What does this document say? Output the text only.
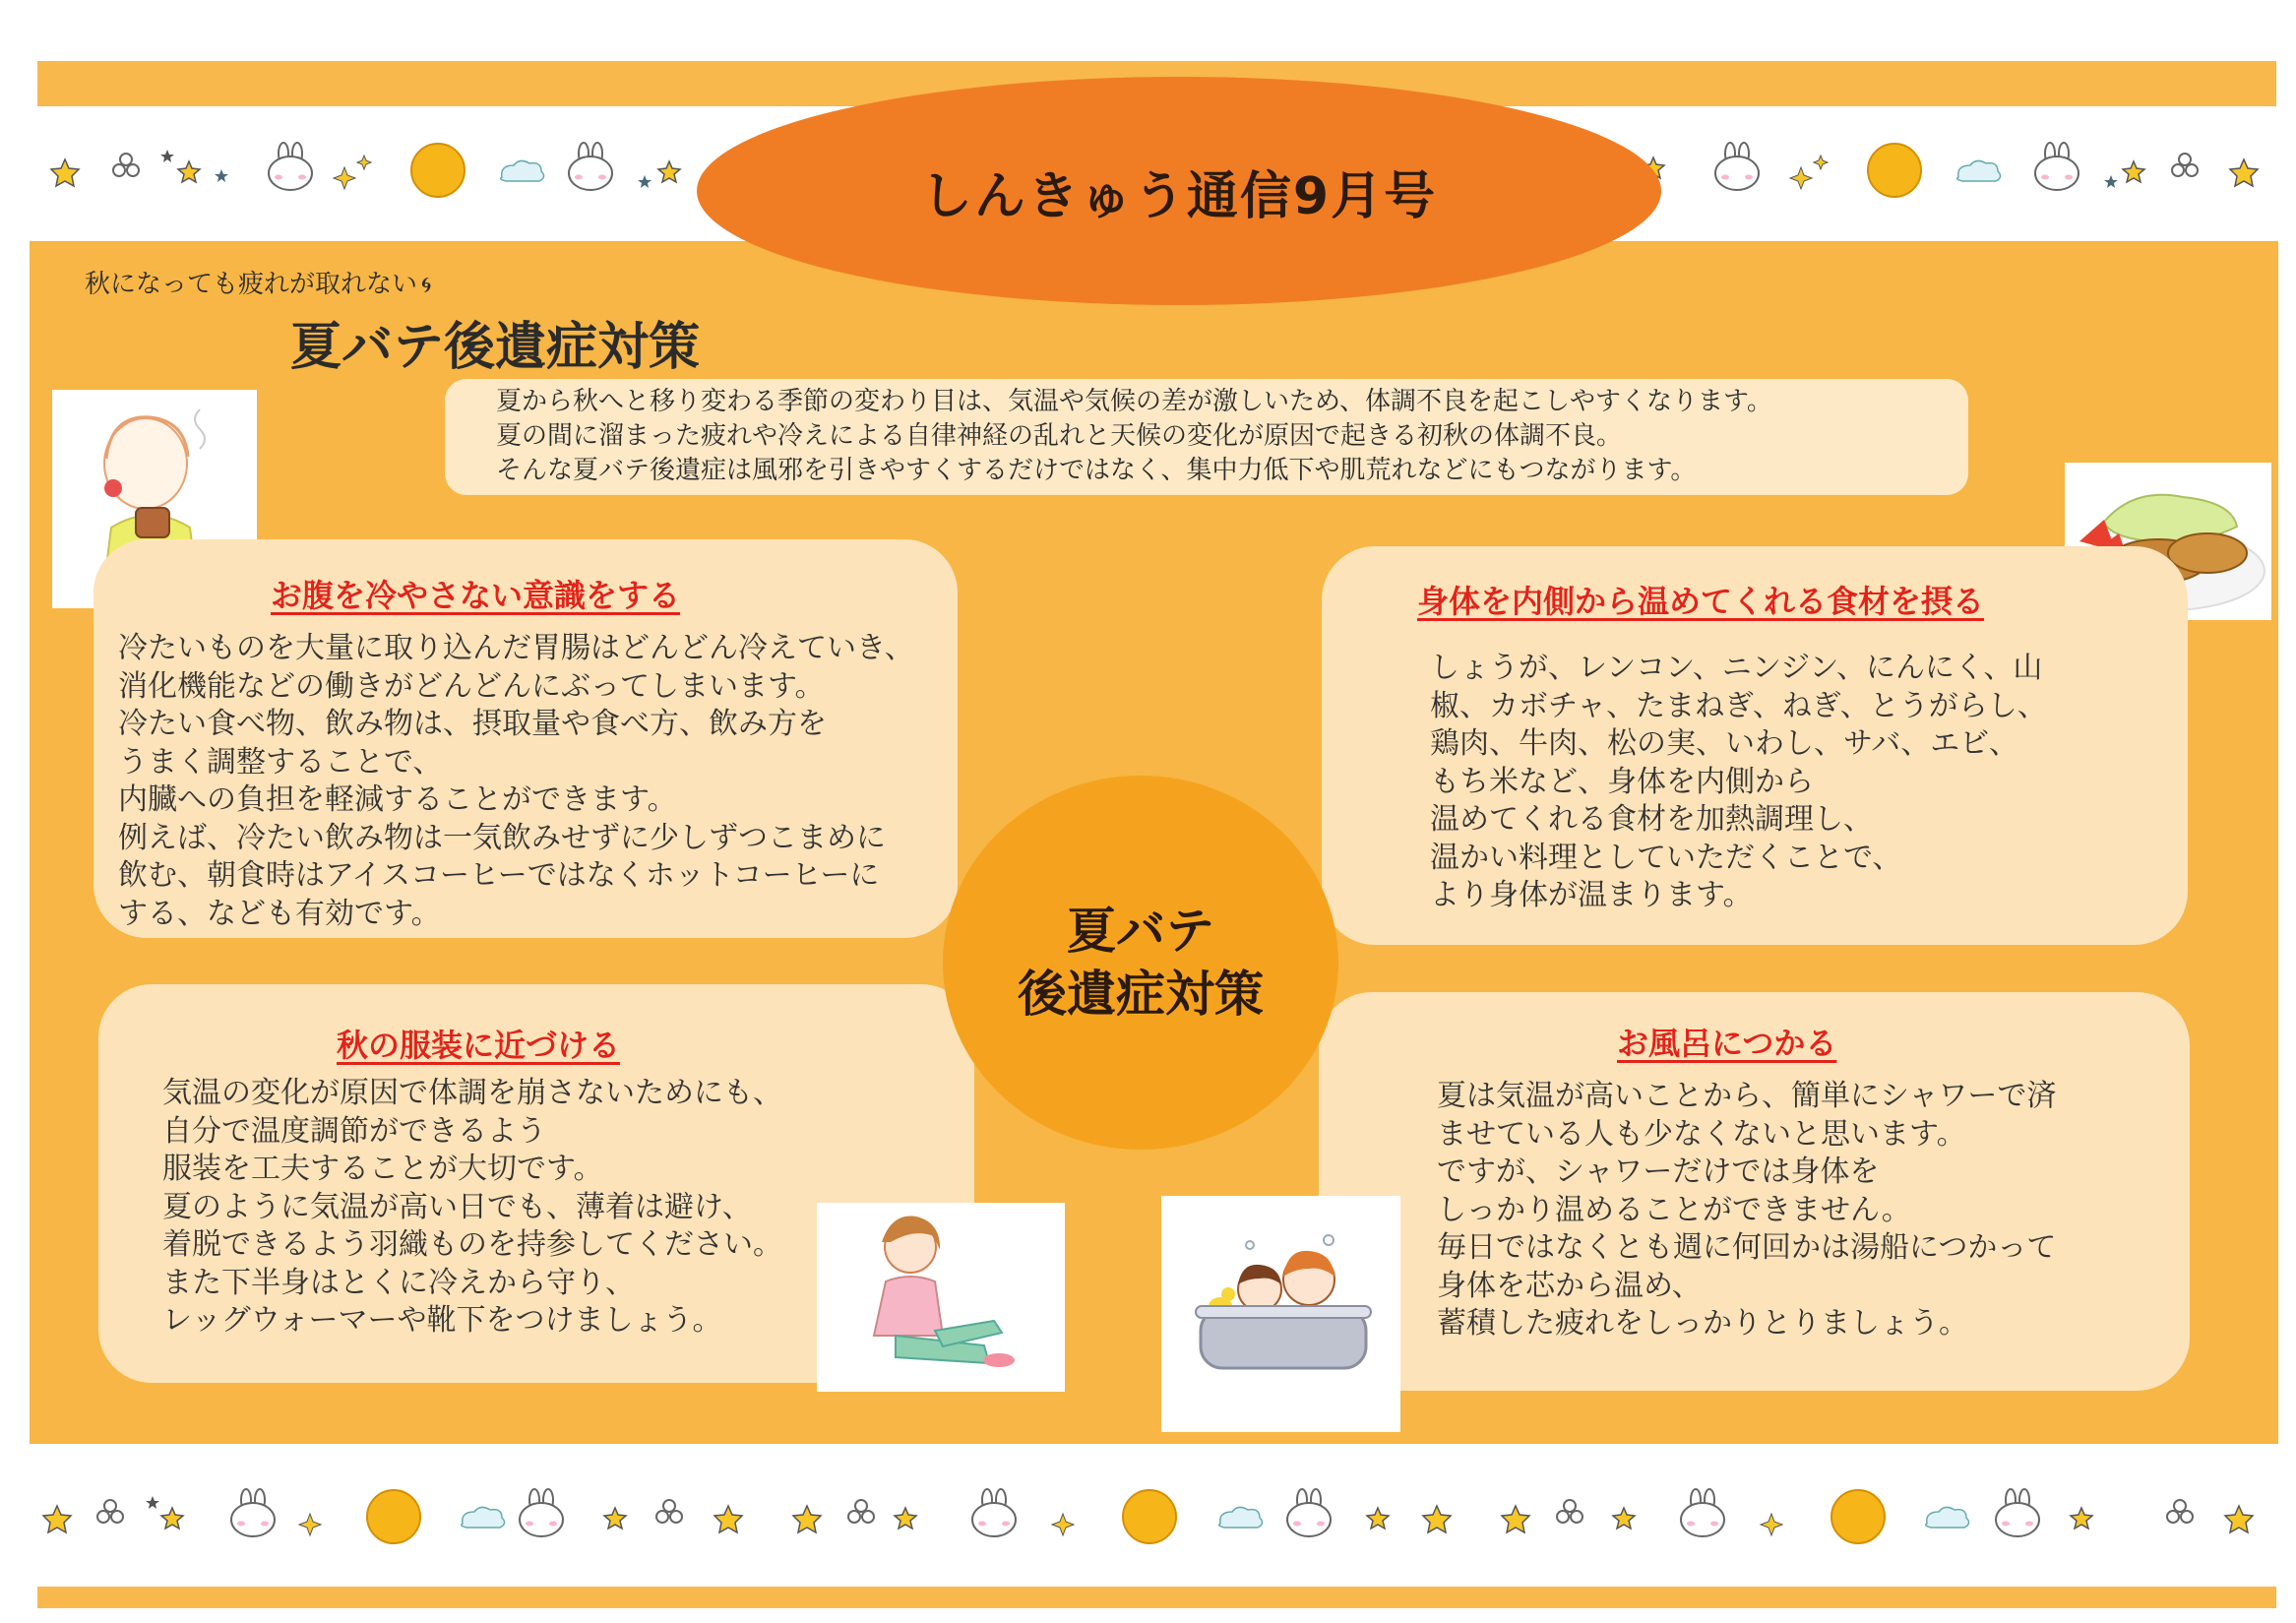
しんきゅう通信9月号
秋になっても疲れが取れない 🌀︎
夏バテ後遺症対策

夏から秋へと移り変わる季節の変わり目は、気温や気候の差が激しいため、体調不良を起こしやすくなります。

夏の間に溜まった疲れや冷えによる自律神経の乱れと天候の変化が原因で起きる初秋の体調不良。

そんな夏バテ後遺症は風邪を引きやすくするだけではなく、集中力低下や肌荒れなどにもつながります。

お腹を冷やさない意識をする
冷たいものを大量に取り込んだ胃腸はどんどん冷えていき、
消化機能などの働きがどんどんにぶってしまいます。
冷たい食べ物、飲み物は、摂取量や食べ方、飲み方を
うまく調整することで、
内臓への負担を軽減することができます。
例えば、冷たい飲み物は一気飲みせずに少しずつこまめに
飲む、朝食時はアイスコーヒーではなくホットコーヒーに
する、なども有効です。
身体を内側から温めてくれる食材を摂る
しょうが、レンコン、ニンジン、にんにく、山
椒、カボチャ、たまねぎ、ねぎ、とうがらし、
鶏肉、牛肉、松の実、いわし、サバ、エビ、
もち米など、身体を内側から
温めてくれる食材を加熱調理し、
温かい料理としていただくことで、
より身体が温まります。
秋の服装に近づける
気温の変化が原因で体調を崩さないためにも、
自分で温度調節ができるよう
服装を工夫することが大切です。
夏のように気温が高い日でも、薄着は避け、
着脱できるよう羽織ものを持参してください。
また下半身はとくに冷えから守り、
レッグウォーマーや靴下をつけましょう。
お風呂につかる
夏は気温が高いことから、簡単にシャワーで済
ませている人も少なくないと思います。
ですが、シャワーだけでは身体を
しっかり温めることができません。
毎日ではなくとも週に何回かは湯船につかって
身体を芯から温め、
蓄積した疲れをしっかりとりましょう。
夏バテ
後遺症対策
